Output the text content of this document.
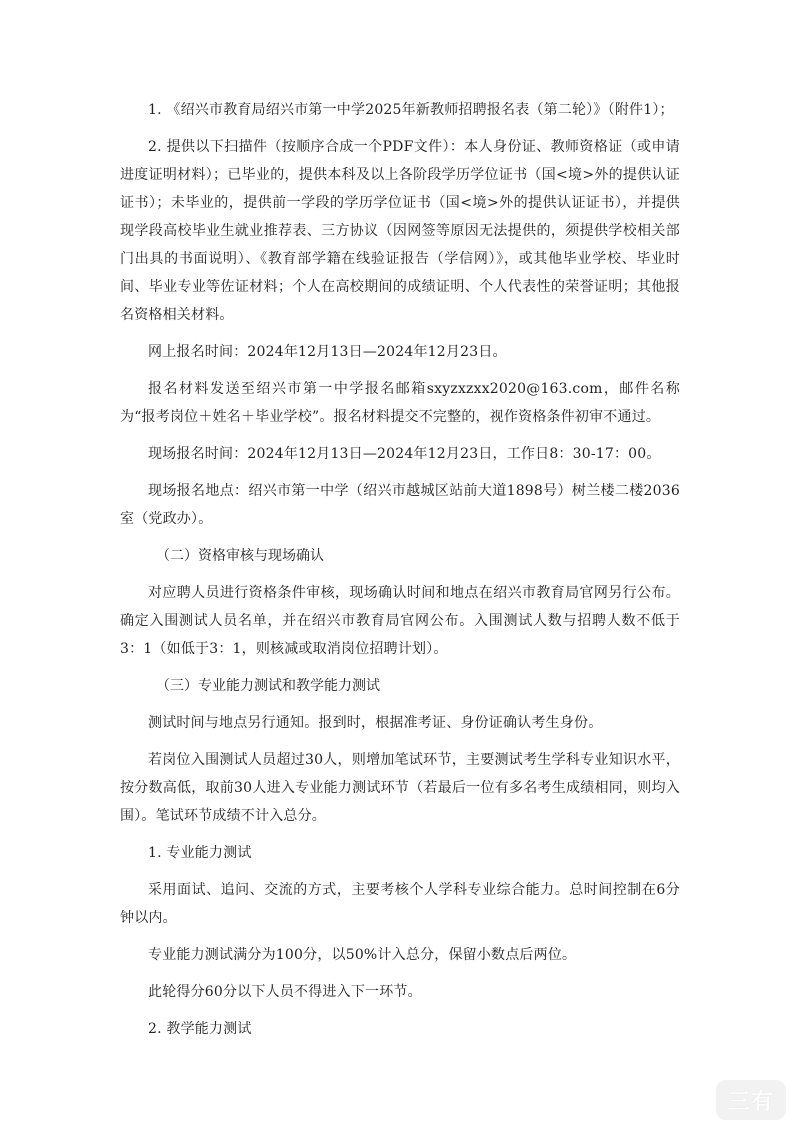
1. 《绍兴市教育局绍兴市第一中学2025年新教师招聘报名表（第二轮）》（附件1）；

2. 提供以下扫描件（按顺序合成一个PDF文件）：本人身份证、教师资格证（或申请进度证明材料）；已毕业的，提供本科及以上各阶段学历学位证书（国<境>外的提供认证证书）；未毕业的，提供前一学段的学历学位证书（国<境>外的提供认证证书），并提供现学段高校毕业生就业推荐表、三方协议（因网签等原因无法提供的，须提供学校相关部门出具的书面说明）、《教育部学籍在线验证报告（学信网）》，或其他毕业学校、毕业时间、毕业专业等佐证材料；个人在高校期间的成绩证明、个人代表性的荣誉证明；其他报名资格相关材料。

网上报名时间：2024年12月13日—2024年12月23日。

报名材料发送至绍兴市第一中学报名邮箱sxyzxzxx2020@163.com，邮件名称为“报考岗位＋姓名＋毕业学校”。报名材料提交不完整的，视作资格条件初审不通过。

现场报名时间：2024年12月13日—2024年12月23日，工作日8：30-17：00。

现场报名地点：绍兴市第一中学（绍兴市越城区站前大道1898号）树兰楼二楼2036室（党政办）。

（二）资格审核与现场确认

对应聘人员进行资格条件审核，现场确认时间和地点在绍兴市教育局官网另行公布。确定入围测试人员名单，并在绍兴市教育局官网公布。入围测试人数与招聘人数不低于3：1（如低于3：1，则核减或取消岗位招聘计划）。

（三）专业能力测试和教学能力测试

测试时间与地点另行通知。报到时，根据准考证、身份证确认考生身份。

若岗位入围测试人员超过30人，则增加笔试环节，主要测试考生学科专业知识水平，按分数高低，取前30人进入专业能力测试环节（若最后一位有多名考生成绩相同，则均入围）。笔试环节成绩不计入总分。

1. 专业能力测试

采用面试、追问、交流的方式，主要考核个人学科专业综合能力。总时间控制在6分钟以内。

专业能力测试满分为100分，以50%计入总分，保留小数点后两位。

此轮得分60分以下人员不得进入下一环节。

2. 教学能力测试

三有
